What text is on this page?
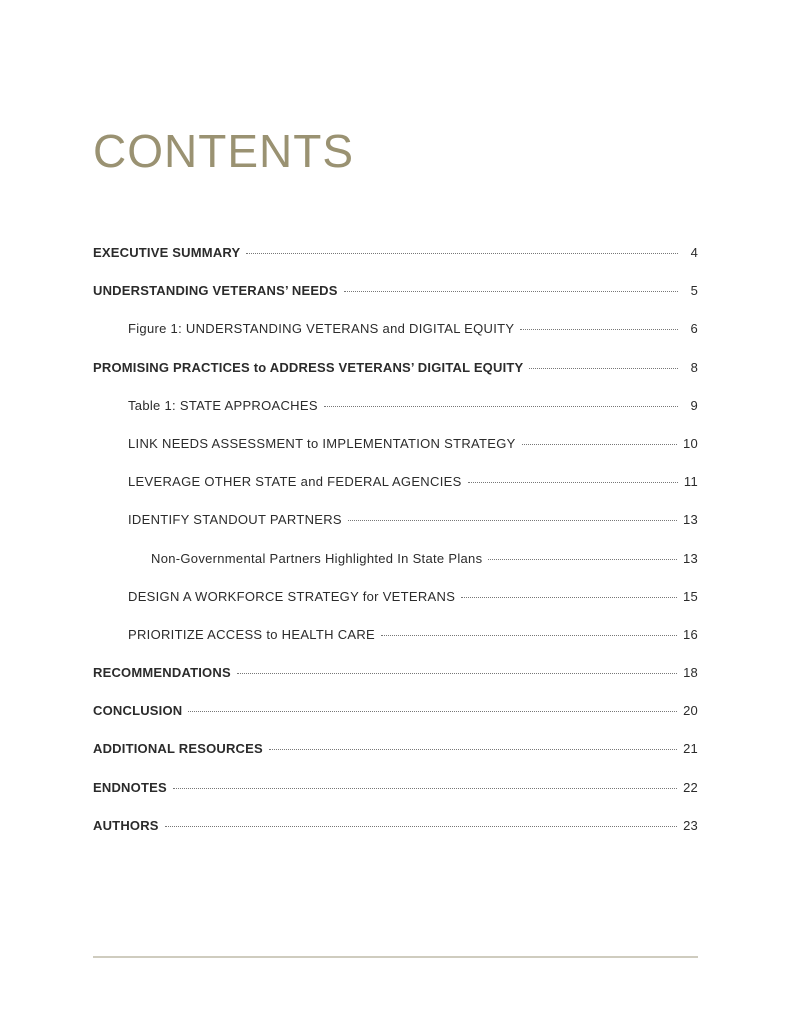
CONTENTS
EXECUTIVE SUMMARY	4
UNDERSTANDING VETERANS’ NEEDS	5
Figure 1: UNDERSTANDING VETERANS and DIGITAL EQUITY	6
PROMISING PRACTICES to ADDRESS VETERANS’ DIGITAL EQUITY	8
Table 1: STATE APPROACHES	9
LINK NEEDS ASSESSMENT to IMPLEMENTATION STRATEGY	10
LEVERAGE OTHER STATE and FEDERAL AGENCIES	11
IDENTIFY STANDOUT PARTNERS	13
Non-Governmental Partners Highlighted In State Plans	13
DESIGN A WORKFORCE STRATEGY for VETERANS	15
PRIORITIZE ACCESS to HEALTH CARE	16
RECOMMENDATIONS	18
CONCLUSION	20
ADDITIONAL RESOURCES	21
ENDNOTES	22
AUTHORS	23
